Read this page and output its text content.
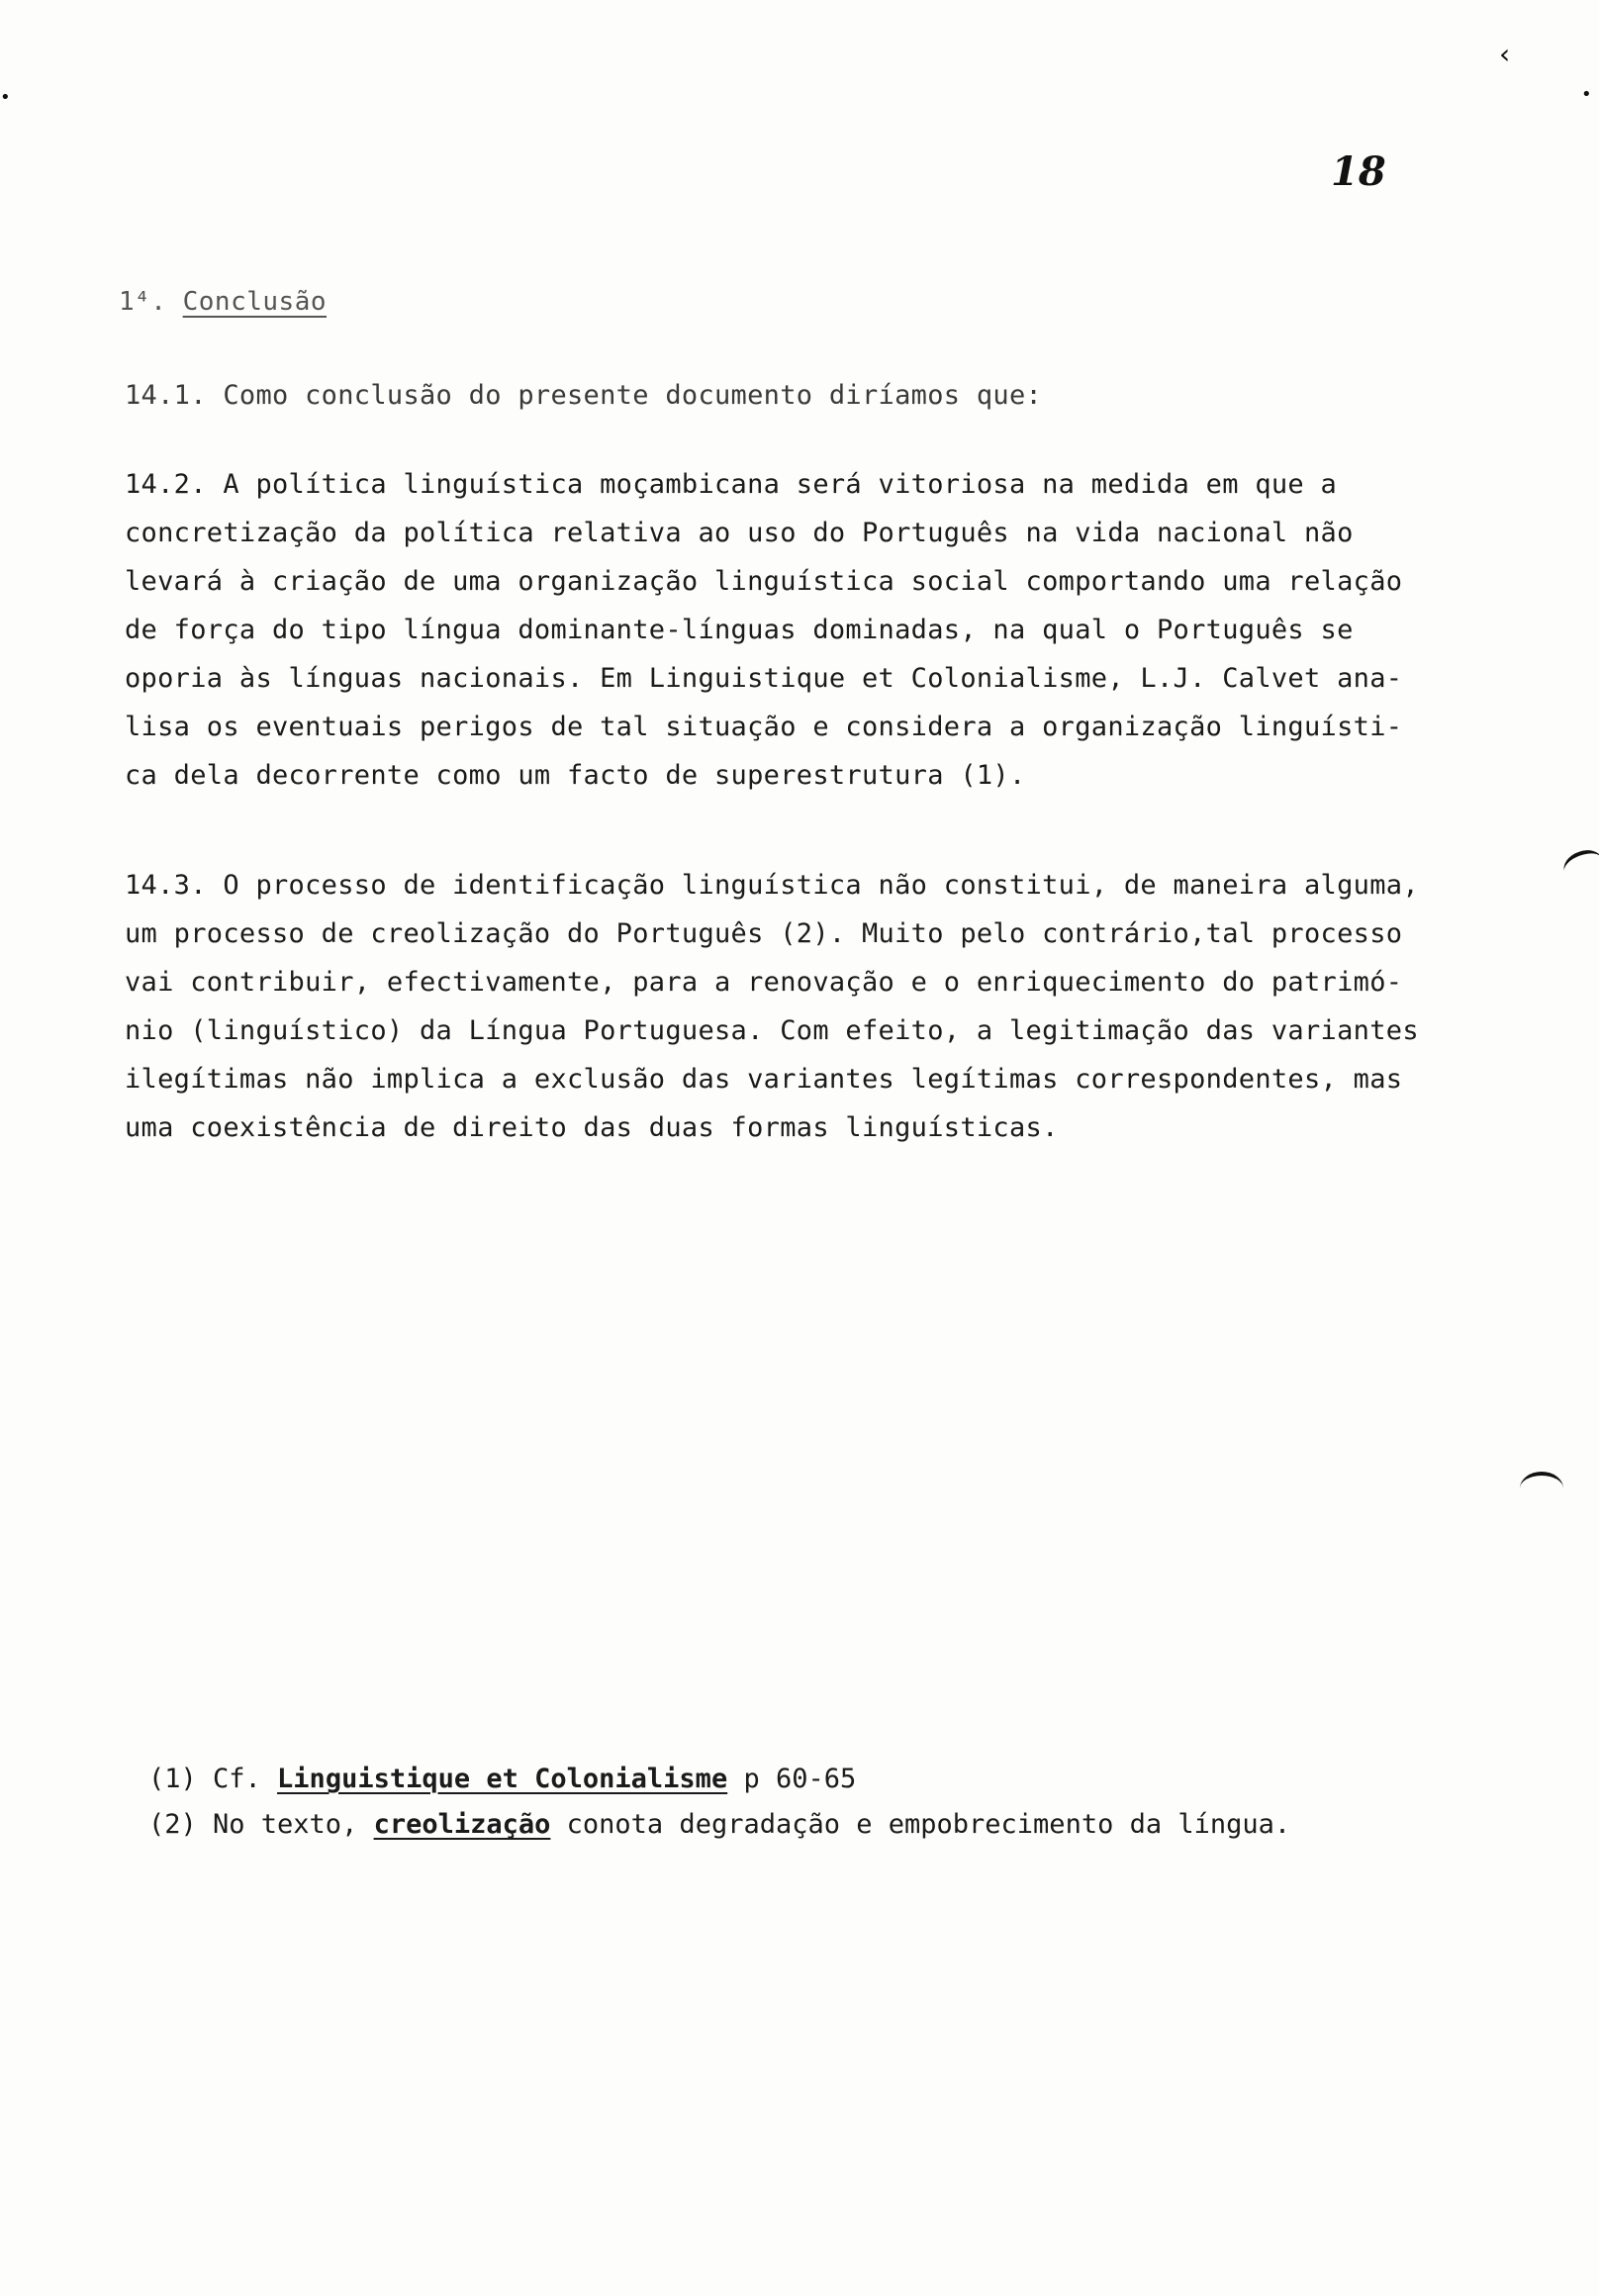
‹
•
•
18
1⁴. Conclusão
14.1. Como conclusão do presente documento diríamos que:
14.2. A política linguística moçambicana será vitoriosa na medida em que a
concretização da política relativa ao uso do Português na vida nacional não
levará à criação de uma organização linguística social comportando uma relação
de força do tipo língua dominante-línguas dominadas, na qual o Português se
oporia às línguas nacionais. Em Linguistique et Colonialisme, L.J. Calvet ana-
lisa os eventuais perigos de tal situação e considera a organização linguísti-
ca dela decorrente como um facto de superestrutura (1).
14.3. O processo de identificação linguística não constitui, de maneira alguma,
um processo de creolização do Português (2). Muito pelo contrário,tal processo
vai contribuir, efectivamente, para a renovação e o enriquecimento do patrimó-
nio (linguístico) da Língua Portuguesa. Com efeito, a legitimação das variantes
ilegítimas não implica a exclusão das variantes legítimas correspondentes, mas
uma coexistência de direito das duas formas linguísticas.
(1) Cf. Linguistique et Colonialisme p 60-65
(2) No texto, creolização conota degradação e empobrecimento da língua.
